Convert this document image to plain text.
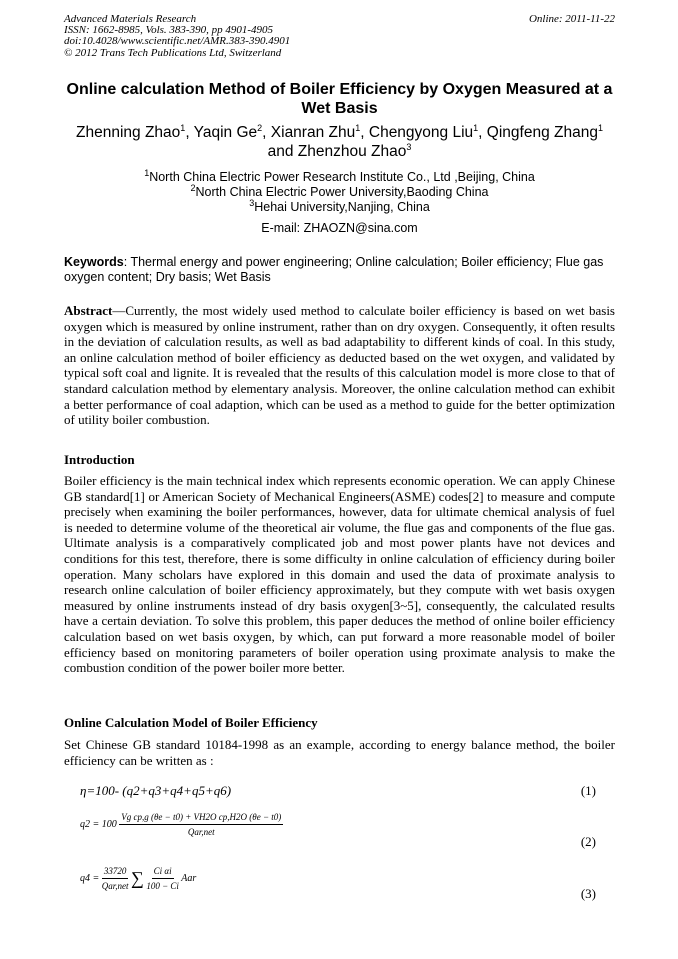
Advanced Materials Research
ISSN: 1662-8985, Vols. 383-390, pp 4901-4905
doi:10.4028/www.scientific.net/AMR.383-390.4901
© 2012 Trans Tech Publications Ltd, Switzerland
Online: 2011-11-22
Online calculation Method of Boiler Efficiency by Oxygen Measured at a Wet Basis
Zhenning Zhao$^1$, Yaqin Ge$^2$, Xianran Zhu$^1$, Chengyong Liu$^1$, Qingfeng Zhang$^1$
and Zhenzhou Zhao$^3$
$^1$North China Electric Power Research Institute Co., Ltd ,Beijing, China
$^2$North China Electric Power University,Baoding China
$^3$Hehai University,Nanjing, China
E-mail: ZHAOZN@sina.com
Keywords: Thermal energy and power engineering; Online calculation; Boiler efficiency; Flue gas oxygen content; Dry basis; Wet Basis
Abstract—Currently, the most widely used method to calculate boiler efficiency is based on wet basis oxygen which is measured by online instrument, rather than on dry oxygen. Consequently, it often results in the deviation of calculation results, as well as bad adaptability to different kinds of coal. In this study, an online calculation method of boiler efficiency as deducted based on the wet oxygen, and validated by typical soft coal and lignite. It is revealed that the results of this calculation model is more close to that of standard calculation method by elementary analysis. Moreover, the online calculation method can exhibit a better performance of coal adaption, which can be used as a method to guide for the better optimization of utility boiler combustion.
Introduction
Boiler efficiency is the main technical index which represents economic operation. We can apply Chinese GB standard[1] or American Society of Mechanical Engineers(ASME) codes[2] to measure and compute precisely when examining the boiler performances, however, data for ultimate chemical analysis of fuel is needed to determine volume of the theoretical air volume, the flue gas and components of the flue gas. Ultimate analysis is a comparatively complicated job and most power plants have not devices and conditions for this test, therefore, there is some difficulty in online calculation of efficiency during boiler operation. Many scholars have explored in this domain and used the data of proximate analysis to research online calculation of boiler efficiency approximately, but they compute with wet basis oxygen measured by online instruments instead of dry basis oxygen[3~5], consequently, the calculated results have a certain deviation. To solve this problem, this paper deduces the method of online boiler efficiency calculation based on wet basis oxygen, by which, can put forward a more reasonable model of boiler efficiency based on monitoring parameters of boiler operation using proximate analysis to make the combustion condition of the power boiler more better.
Online Calculation Model of Boiler Efficiency
Set Chinese GB standard 10184-1998 as an example, according to energy balance method, the boiler efficiency can be written as :
η=100- (q2+q3+q4+q5+q6)	(1)
$q2 = 100 \frac{\text{Vg cp,g (θe − t0) + VH2O cp,H2O (θe − t0)}}{\text{Qar,net}}$
(2)
$q4 = \frac{33720}{\text{Qar,net}}$ ∑ $\frac{\text{Ci αi}}{100 - Ci}$ Aar
(3)
